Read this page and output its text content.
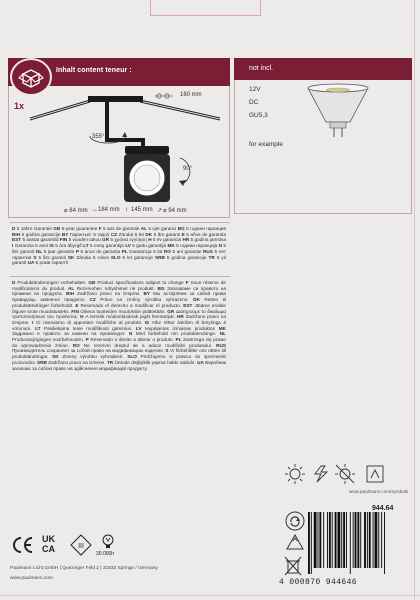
Inhalt content teneur :	not incl.
1x
160 mm
355°
90°
⌀ 84 mm ↔ 184 mm ↕ 145 mm ↗ ⌀ 94 mm
12V
DC
GU5,3
for example
D 5 Jahre Garantie GB 5-year guarantee F 5 ans de garantie AL 5 vjet garanci BG 5 години гаранция BIH 5 godina garancije BY Гарантыя: 5 гадоў CZ Záruka 5 let DK 5 års garanti E 5 años de garantía EST 5 aastat garantiid FIN 5 vuoden takuu GR 5 χρόνια εγγύηση H 5 év garancia HR 5 godina jamstva I Garanzia 5 anni IS 5 ára ábyrgð LT 5 metų garantija LV 5 gadu garantija MK 5 години гаранција N 5 års garanti NL 5 jaar garantie P 5 anos de garantia PL Gwarancja 5 lat RO 5 ani garanție RUS 5 лет гарантии S 5 års garanti SK Záruka 5 rokov SLO 5 let garancije SRB 5 godina garancije TR 5 yıl garanti UA 5 років гарантії
D Produktänderungen vorbehalten. GB Product specifications subject to change F Sous réserve de modifications du produit. AL Rezervohen ndryshimet në produkt. BG Запазваме си правото на промени на продукта. BIH Zadržano pravo na izmjene. BY Мы астаўляем за сабой права правадзіць змяненні прадукта. CZ Právo na změny výrobku vyhrazeno. DK Retten til produktændringer forbeholdt. E Reservado el derecho a modificar el producto. EST Jätame endale õiguse toote muudatusteks. FIN Oikeus tuotteiden muutoksiin pidätetään. GR Διατηρούμε το δικαίωμα τροποποιήσεων του προϊόντος. H A termék módosításának jogát fenntartjuk. HR Zadržano pravo na izmjene. I Ci riserviamo di apportare modifiche al prodotti. IS Allur réttur áskilinn til breytinga á vörunum. LT Pasiliekama teisė modifikuoti gaminius. LV Iespējamas izmaiņas produktos MK Задржано е правото за измени на производот. N Med forbehold om produktendringe. NL Productwijzigingen voorbehouden. P Reservado o direito a alterar o produto. PL Zastrzega się prawo do wprowadzenia zmian. RO Ne rezervm dreptul de a aduce modificări produsului. RUS Производитель сохраняет за собой право на модификацию изделия. S Vi förbehåller oss rätten till produktändringar. SK Zmeny výrobku vyhradené. SLO Pridržujemo si pravico do sprememb proizvodov. SRB Zadržano pravo na izmene. TR Üründe değişiklik yapma hakkı saklıdır. UA Виробник залишає за собою право на здійснення модифікацій продукту.
www.paulmann.com/symbols
944.64
4 000870 944646
UK
CA	III
30.000h
Paulmann Licht GmbH | Quezinger Feld 2 | 31832 Springe / Germany
www.paulmann.com
